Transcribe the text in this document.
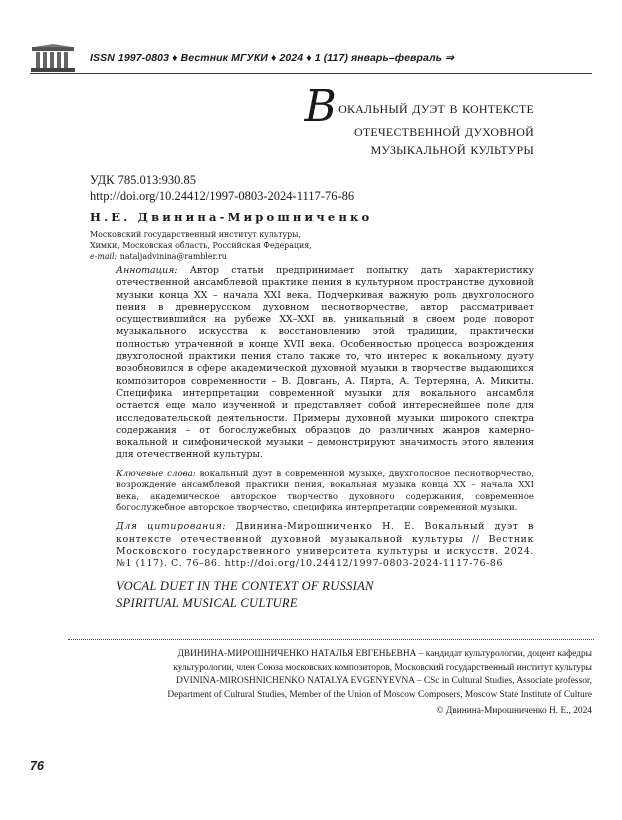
ISSN 1997-0803 ♦ Вестник МГУКИ ♦ 2024 ♦ 1 (117) январь–февраль ⇒
Вокальный дуэт в контексте
отечественной духовной
музыкальной культуры
УДК 785.013:930.85
http://doi.org/10.24412/1997-0803-2024-1117-76-86
Н.Е. Двинина-Мирошниченко
Московский государственный институт культуры,
Химки, Московская область, Российская Федерация,
e-mail: nataljadvinina@rambler.ru

Аннотация: Автор статьи предпринимает попытку дать характеристику отечественной ансамблевой практике пения в культурном пространстве духовной музыки конца XX – начала XXI века. Подчеркивая важную роль двухголосного пения в древнерусском духовном песнотворчестве, автор рассматривает осуществившийся на рубеже XX–XXI вв. уникальный в своем роде поворот музыкального искусства к восстановлению этой традиции, практически полностью утраченной в конце XVII века. Особенностью процесса возрождения двухголосной практики пения стало также то, что интерес к вокальному дуэту возобновился в сфере академической духовной музыки в творчестве выдающихся композиторов современности – В. Довгань, А. Пярта, А. Тертеряна, А. Микиты. Специфика интерпретации современной музыки для вокального ансамбля остается еще мало изученной и представляет собой интереснейшее поле для исследовательской деятельности. Примеры духовной музыки широкого спектра содержания – от богослужебных образцов до различных жанров камерно-вокальной и симфонической музыки – демонстрируют значимость этого явления для отечественной культуры.

Ключевые слова: вокальный дуэт в современной музыке, двухголосное песнотворчество, возрождение ансамблевой практики пения, вокальная музыка конца XX – начала XXI века, академическое авторское творчество духовного содержания, современное богослужебное авторское творчество, специфика интерпретации современной музыки.

Для цитирования: Двинина-Мирошниченко Н. Е. Вокальный дуэт в контексте отечественной духовной музыкальной культуры // Вестник Московского государственного университета культуры и искусств. 2024. №1 (117). С. 76–86. http://doi.org/10.24412/1997-0803-2024-1117-76-86

VOCAL DUET IN THE CONTEXT OF RUSSIAN
SPIRITUAL MUSICAL CULTURE
ДВИНИНА-МИРОШНИЧЕНКО НАТАЛЬЯ ЕВГЕНЬЕВНА – кандидат культурологии, доцент кафедры
культурологии, член Союза московских композиторов, Московский государственный институт культуры
DVININA-MIROSHNICHENKO NATALYA EVGENYEVNA – CSc in Cultural Studies, Associate professor,
Department of Cultural Studies, Member of the Union of Moscow Composers, Moscow State Institute of Culture
© Двинина-Мирошниченко Н. Е., 2024
76
